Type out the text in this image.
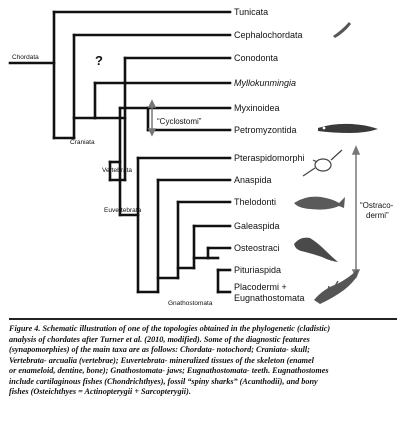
Tunicata
Cephalochordata
Conodonta
Myllokunmingia
Myxinoidea
Petromyzontida
Pteraspidomorphi
Anaspida
Thelodonti
Galeaspida
Osteostraci
Pituriaspida
Placodermi +
Eugnathostomata
Chordata
Craniata
Vertebrata
Euvertebrata
Gnathostomata
?
“Cyclostomi”
“Ostraco-
dermi”

Figure 4. Schematic illustration of one of the topologies obtained in the phylogenetic (cladistic)
analysis of chordates after Turner et al. (2010, modified). Some of the diagnostic features
(synapomorphies) of the main taxa are as follows: Chordata- notochord; Craniata- skull;
Vertebrata- arcualia (vertebrae); Euvertebrata- mineralized tissues of the skeleton (enamel
or enameloid, dentine, bone); Gnathostomata- jaws; Eugnathostomata- teeth. Eugnathostomes
include cartilaginous fishes (Chondrichthyes), fossil “spiny sharks” (Acanthodii), and bony
fishes (Osteichthyes = Actinopterygii + Sarcopterygii).
